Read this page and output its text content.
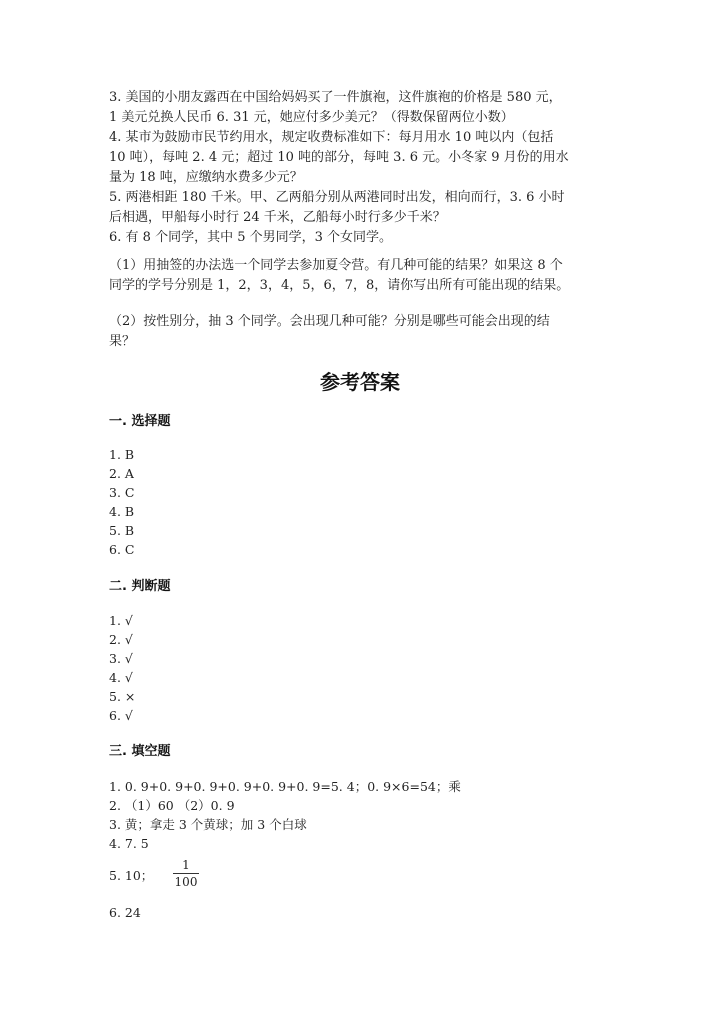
3. 美国的小朋友露西在中国给妈妈买了一件旗袍，这件旗袍的价格是 580 元，
1 美元兑换人民币 6. 31 元，她应付多少美元？（得数保留两位小数）
4. 某市为鼓励市民节约用水，规定收费标准如下：每月用水 10 吨以内（包括
10 吨），每吨 2. 4 元；超过 10 吨的部分，每吨 3. 6 元。小冬家 9 月份的用水
量为 18 吨，应缴纳水费多少元？
5. 两港相距 180 千米。甲、乙两船分别从两港同时出发，相向而行，3. 6 小时
后相遇，甲船每小时行 24 千米，乙船每小时行多少千米？
6. 有 8 个同学，其中 5 个男同学，3 个女同学。
（1）用抽签的办法选一个同学去参加夏令营。有几种可能的结果？如果这 8 个
同学的学号分别是 1，2，3，4，5，6，7，8，请你写出所有可能出现的结果。
（2）按性别分，抽 3 个同学。会出现几种可能？分别是哪些可能会出现的结
果？
参考答案
一. 选择题
1. B
2. A
3. C
4. B
5. B
6. C
二. 判断题
1. √
2. √
3. √
4. √
5. ×
6. √
三. 填空题
1. 0. 9+0. 9+0. 9+0. 9+0. 9+0. 9=5. 4；0. 9×6=54；乘
2. （1）60 （2）0. 9
3. 黄；拿走 3 个黄球；加 3 个白球
4. 7. 5
5. 10；
1
100
6. 24
